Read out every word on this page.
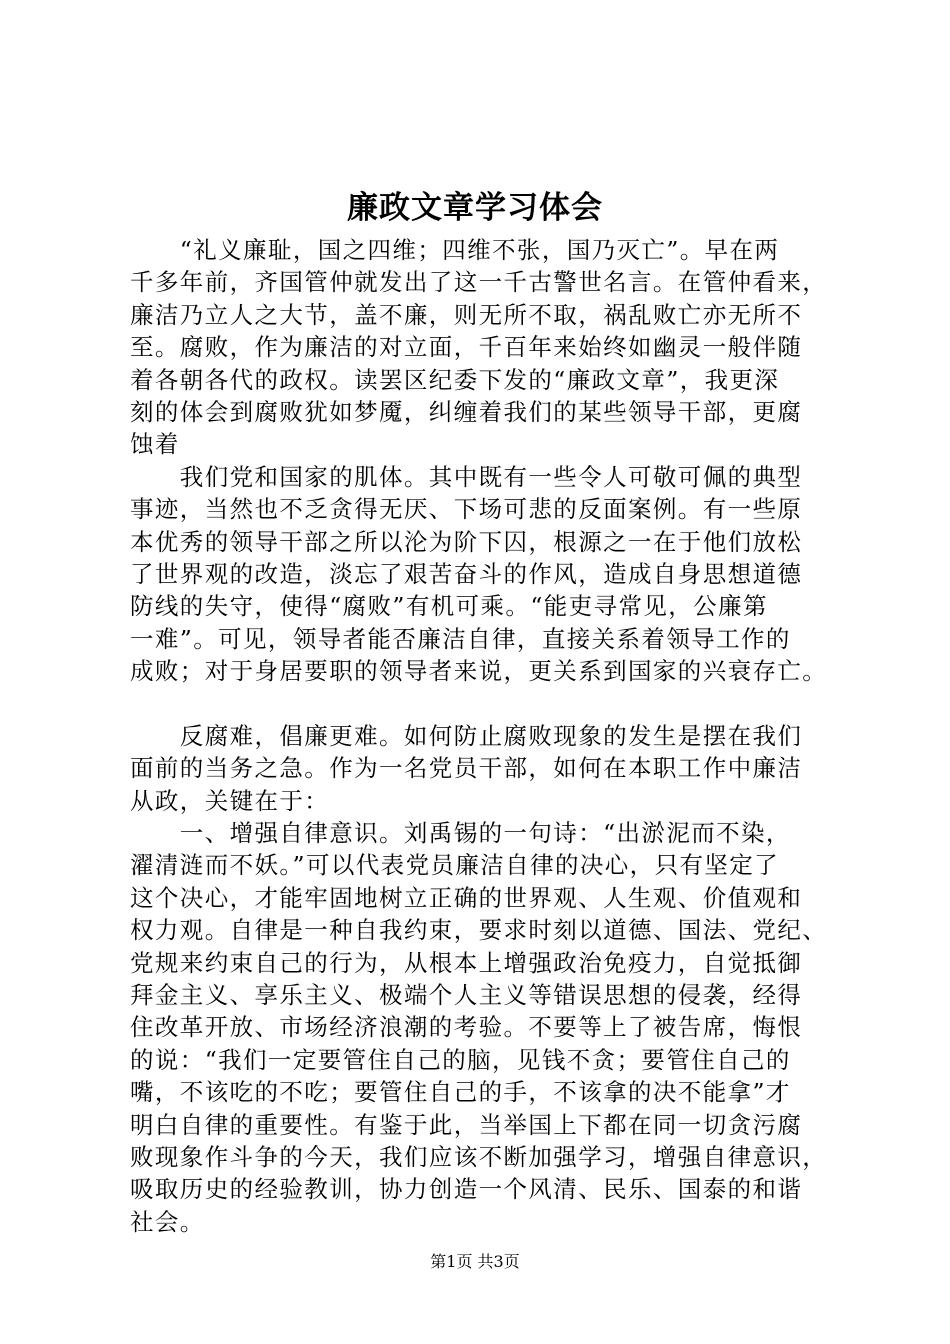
廉政文章学习体会
　　“礼义廉耻，国之四维；四维不张，国乃灭亡”。早在两
千多年前，齐国管仲就发出了这一千古警世名言。在管仲看来，
廉洁乃立人之大节，盖不廉，则无所不取，祸乱败亡亦无所不
至。腐败，作为廉洁的对立面，千百年来始终如幽灵一般伴随
着各朝各代的政权。读罢区纪委下发的“廉政文章”，我更深
刻的体会到腐败犹如梦魇，纠缠着我们的某些领导干部，更腐
蚀着
　　我们党和国家的肌体。其中既有一些令人可敬可佩的典型
事迹，当然也不乏贪得无厌、下场可悲的反面案例。有一些原
本优秀的领导干部之所以沦为阶下囚，根源之一在于他们放松
了世界观的改造，淡忘了艰苦奋斗的作风，造成自身思想道德
防线的失守，使得“腐败”有机可乘。“能吏寻常见，公廉第
一难”。可见，领导者能否廉洁自律，直接关系着领导工作的
成败；对于身居要职的领导者来说，更关系到国家的兴衰存亡。
　　反腐难，倡廉更难。如何防止腐败现象的发生是摆在我们
面前的当务之急。作为一名党员干部，如何在本职工作中廉洁
从政，关键在于：
　　一、增强自律意识。刘禹锡的一句诗：“出淤泥而不染，
濯清涟而不妖。”可以代表党员廉洁自律的决心，只有坚定了
这个决心，才能牢固地树立正确的世界观、人生观、价值观和
权力观。自律是一种自我约束，要求时刻以道德、国法、党纪、
党规来约束自己的行为，从根本上增强政治免疫力，自觉抵御
拜金主义、享乐主义、极端个人主义等错误思想的侵袭，经得
住改革开放、市场经济浪潮的考验。不要等上了被告席，悔恨
的说：“我们一定要管住自己的脑，见钱不贪；要管住自己的
嘴，不该吃的不吃；要管住自己的手，不该拿的决不能拿”才
明白自律的重要性。有鉴于此，当举国上下都在同一切贪污腐
败现象作斗争的今天，我们应该不断加强学习，增强自律意识，
吸取历史的经验教训，协力创造一个风清、民乐、国泰的和谐
社会。
第1页 共3页
